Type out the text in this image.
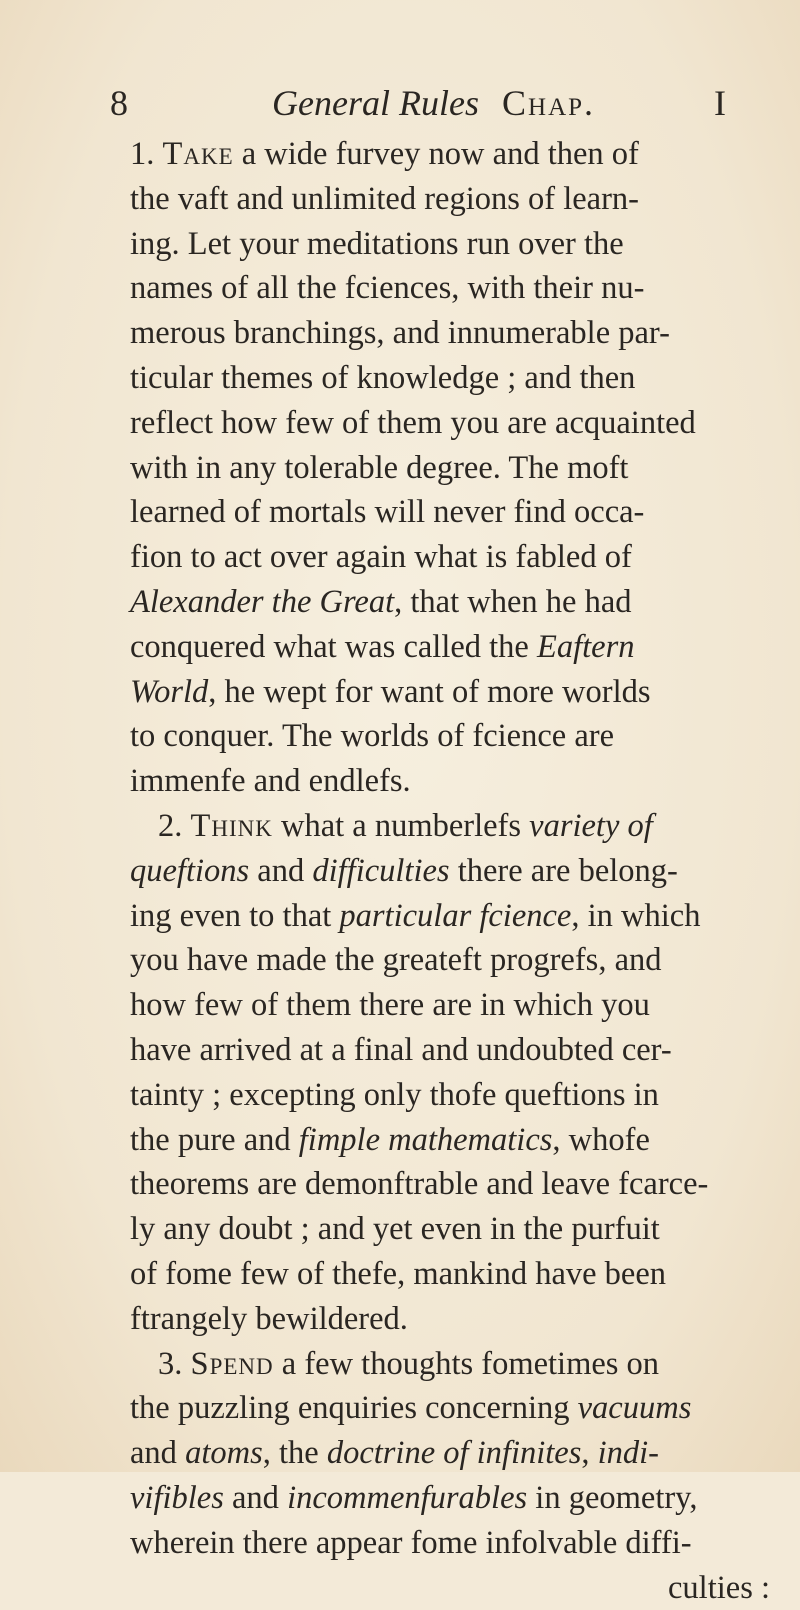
8	General Rules Chap.	I
1. Take a wide furvey now and then of
the vaft and unlimited regions of learn-
ing. Let your meditations run over the
names of all the fciences, with their nu-
merous branchings, and innumerable par-
ticular themes of knowledge ; and then
reflect how few of them you are acquainted
with in any tolerable degree. The moft
learned of mortals will never find occa-
fion to act over again what is fabled of
Alexander the Great, that when he had
conquered what was called the Eaftern
World, he wept for want of more worlds
to conquer. The worlds of fcience are
immenfe and endlefs.
2. Think what a numberlefs variety of
queftions and difficulties there are belong-
ing even to that particular fcience, in which
you have made the greateft progrefs, and
how few of them there are in which you
have arrived at a final and undoubted cer-
tainty ; excepting only thofe queftions in
the pure and fimple mathematics, whofe
theorems are demonftrable and leave fcarce-
ly any doubt ; and yet even in the purfuit
of fome few of thefe, mankind have been
ftrangely bewildered.
3. Spend a few thoughts fometimes on
the puzzling enquiries concerning vacuums
and atoms, the doctrine of infinites, indi-
vifibles and incommenfurables in geometry,
wherein there appear fome infolvable diffi-
culties :
